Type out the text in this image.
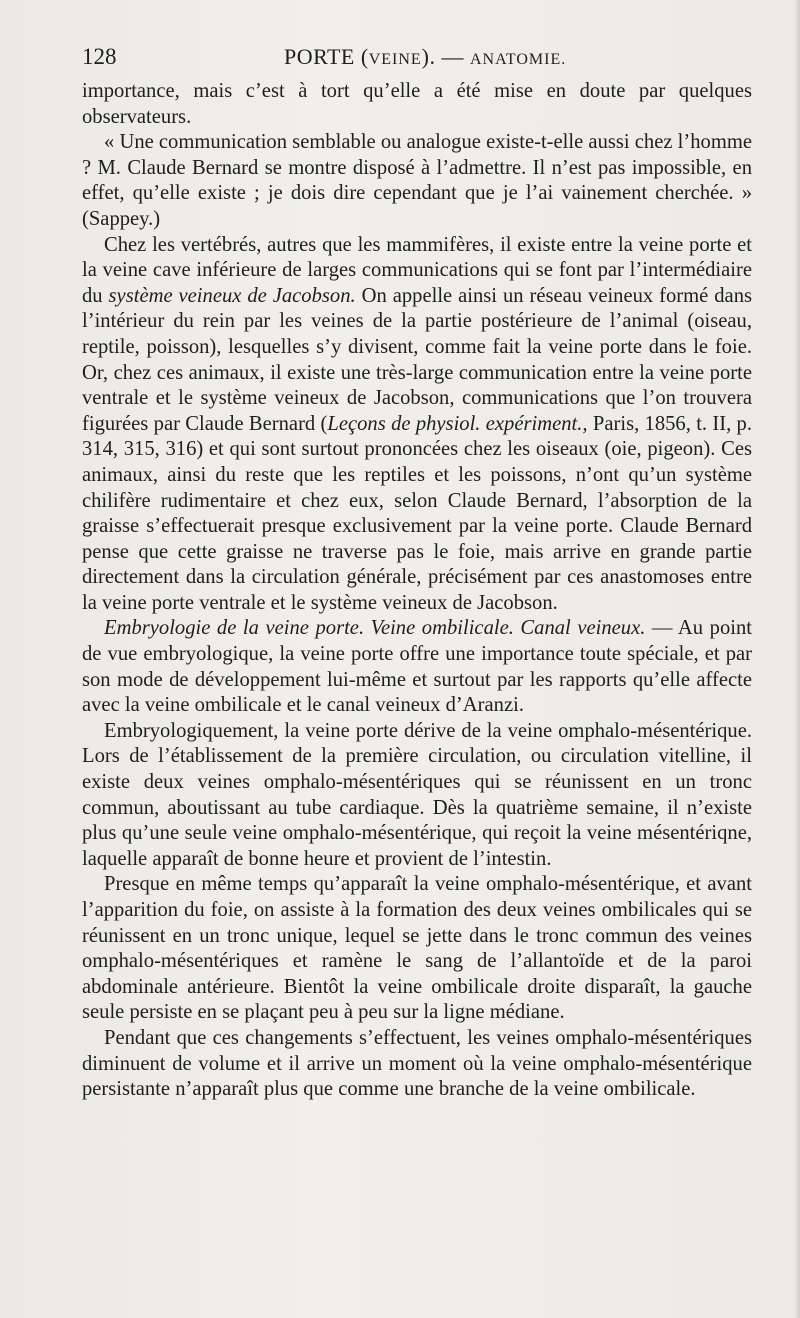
128	PORTE (VEINE). — ANATOMIE.

importance, mais c’est à tort qu’elle a été mise en doute par quelques observateurs.

« Une communication semblable ou analogue existe-t-elle aussi chez l’homme ? M. Claude Bernard se montre disposé à l’admettre. Il n’est pas impossible, en effet, qu’elle existe ; je dois dire cependant que je l’ai vainement cherchée. » (Sappey.)

Chez les vertébrés, autres que les mammifères, il existe entre la veine porte et la veine cave inférieure de larges communications qui se font par l’intermédiaire du système veineux de Jacobson. On appelle ainsi un réseau veineux formé dans l’intérieur du rein par les veines de la partie postérieure de l’animal (oiseau, reptile, poisson), lesquelles s’y divisent, comme fait la veine porte dans le foie. Or, chez ces animaux, il existe une très-large communication entre la veine porte ventrale et le système veineux de Jacobson, communications que l’on trouvera figurées par Claude Bernard (Leçons de physiol. expériment., Paris, 1856, t. II, p. 314, 315, 316) et qui sont surtout prononcées chez les oiseaux (oie, pigeon). Ces animaux, ainsi du reste que les reptiles et les poissons, n’ont qu’un système chilifère rudimentaire et chez eux, selon Claude Bernard, l’absorption de la graisse s’effectuerait presque exclusivement par la veine porte. Claude Bernard pense que cette graisse ne traverse pas le foie, mais arrive en grande partie directement dans la circulation générale, précisément par ces anastomoses entre la veine porte ventrale et le système veineux de Jacobson.

Embryologie de la veine porte. Veine ombilicale. Canal veineux. — Au point de vue embryologique, la veine porte offre une importance toute spéciale, et par son mode de développement lui-même et surtout par les rapports qu’elle affecte avec la veine ombilicale et le canal veineux d’Aranzi.

Embryologiquement, la veine porte dérive de la veine omphalo-mésentérique. Lors de l’établissement de la première circulation, ou circulation vitelline, il existe deux veines omphalo-mésentériques qui se réunissent en un tronc commun, aboutissant au tube cardiaque. Dès la quatrième semaine, il n’existe plus qu’une seule veine omphalo-mésentérique, qui reçoit la veine mésentériqne, laquelle apparaît de bonne heure et provient de l’intestin.

Presque en même temps qu’apparaît la veine omphalo-mésentérique, et avant l’apparition du foie, on assiste à la formation des deux veines ombilicales qui se réunissent en un tronc unique, lequel se jette dans le tronc commun des veines omphalo-mésentériques et ramène le sang de l’allantoïde et de la paroi abdominale antérieure. Bientôt la veine ombilicale droite disparaît, la gauche seule persiste en se plaçant peu à peu sur la ligne médiane.

Pendant que ces changements s’effectuent, les veines omphalo-mésentériques diminuent de volume et il arrive un moment où la veine omphalo-mésentérique persistante n’apparaît plus que comme une branche de la veine ombilicale.
